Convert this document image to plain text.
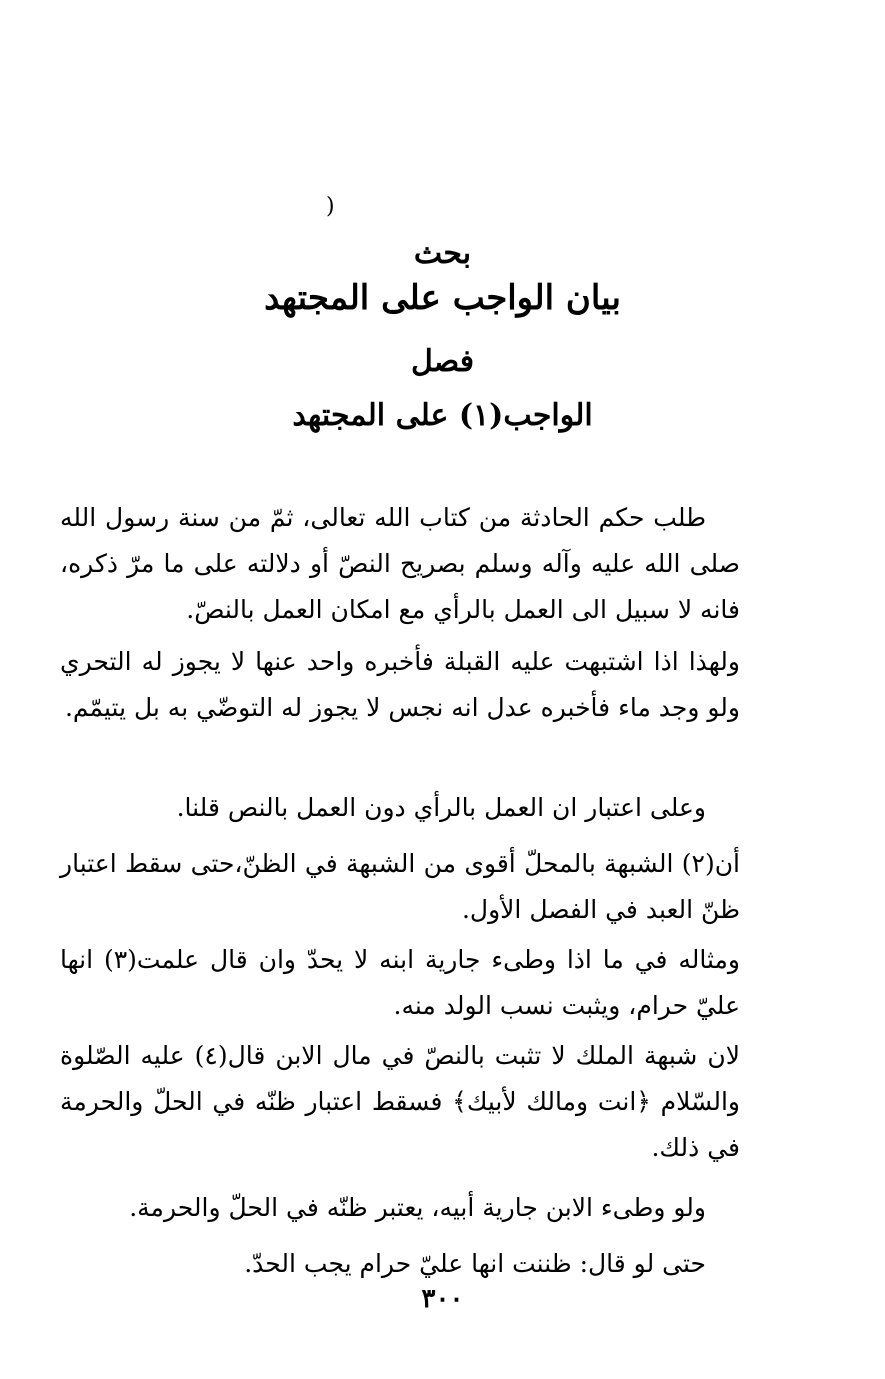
(
بحث
بيان الواجب على المجتهد
فصل
الواجب(١) على المجتهد

طلب حكم الحادثة من كتاب الله تعالى، ثمّ من سنة رسول الله صلى الله عليه وآله وسلم بصريح النصّ أو دلالته على ما مرّ ذكره، فانه لا سبيل الى العمل بالرأي مع امكان العمل بالنصّ.

ولهذا اذا اشتبهت عليه القبلة فأخبره واحد عنها لا يجوز له التحري ولو وجد ماء فأخبره عدل انه نجس لا يجوز له التوضّي به بل يتيمّم.

وعلى اعتبار ان العمل بالرأي دون العمل بالنص قلنا.

أن(٢) الشبهة بالمحلّ أقوى من الشبهة في الظنّ،حتى سقط اعتبار ظنّ العبد في الفصل الأول.

ومثاله في ما اذا وطىء جارية ابنه لا يحدّ وان قال علمت(٣) انها عليّ حرام، ويثبت نسب الولد منه.

لان شبهة الملك لا تثبت بالنصّ في مال الابن قال(٤) عليه الصّلوة والسّلام ﴿انت ومالك لأبيك﴾ فسقط اعتبار ظنّه في الحلّ والحرمة في ذلك.

ولو وطىء الابن جارية أبيه، يعتبر ظنّه في الحلّ والحرمة.

حتى لو قال: ظننت انها عليّ حرام يجب الحدّ.

٣٠٠
